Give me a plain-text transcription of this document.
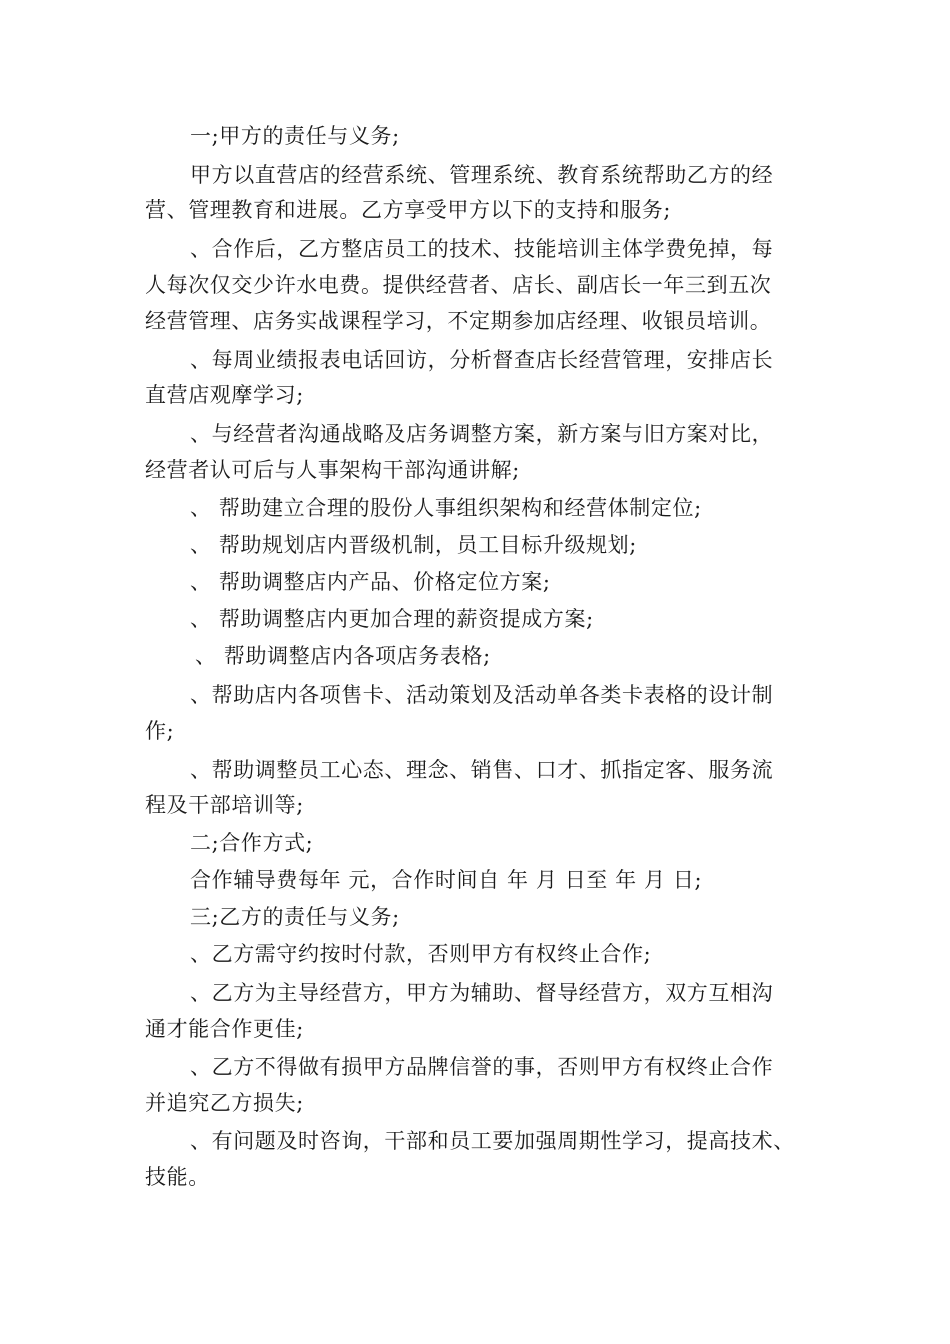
一;甲方的责任与义务;
甲方以直营店的经营系统、管理系统、教育系统帮助乙方的经
营、管理教育和进展。乙方享受甲方以下的支持和服务;
、合作后，乙方整店员工的技术、技能培训主体学费免掉，每
人每次仅交少许水电费。提供经营者、店长、副店长一年三到五次
经营管理、店务实战课程学习，不定期参加店经理、收银员培训。
、每周业绩报表电话回访，分析督查店长经营管理，安排店长
直营店观摩学习;
、与经营者沟通战略及店务调整方案，新方案与旧方案对比，
经营者认可后与人事架构干部沟通讲解;
、 帮助建立合理的股份人事组织架构和经营体制定位;
、 帮助规划店内晋级机制，员工目标升级规划;
、 帮助调整店内产品、价格定位方案;
、 帮助调整店内更加合理的薪资提成方案;
、 帮助调整店内各项店务表格;
、帮助店内各项售卡、活动策划及活动单各类卡表格的设计制
作;
、帮助调整员工心态、理念、销售、口才、抓指定客、服务流
程及干部培训等;
二;合作方式;
合作辅导费每年 元，合作时间自 年 月 日至 年 月 日;
三;乙方的责任与义务;
、乙方需守约按时付款，否则甲方有权终止合作;
、乙方为主导经营方，甲方为辅助、督导经营方，双方互相沟
通才能合作更佳;
、乙方不得做有损甲方品牌信誉的事，否则甲方有权终止合作
并追究乙方损失;
、有问题及时咨询，干部和员工要加强周期性学习，提高技术、
技能。
